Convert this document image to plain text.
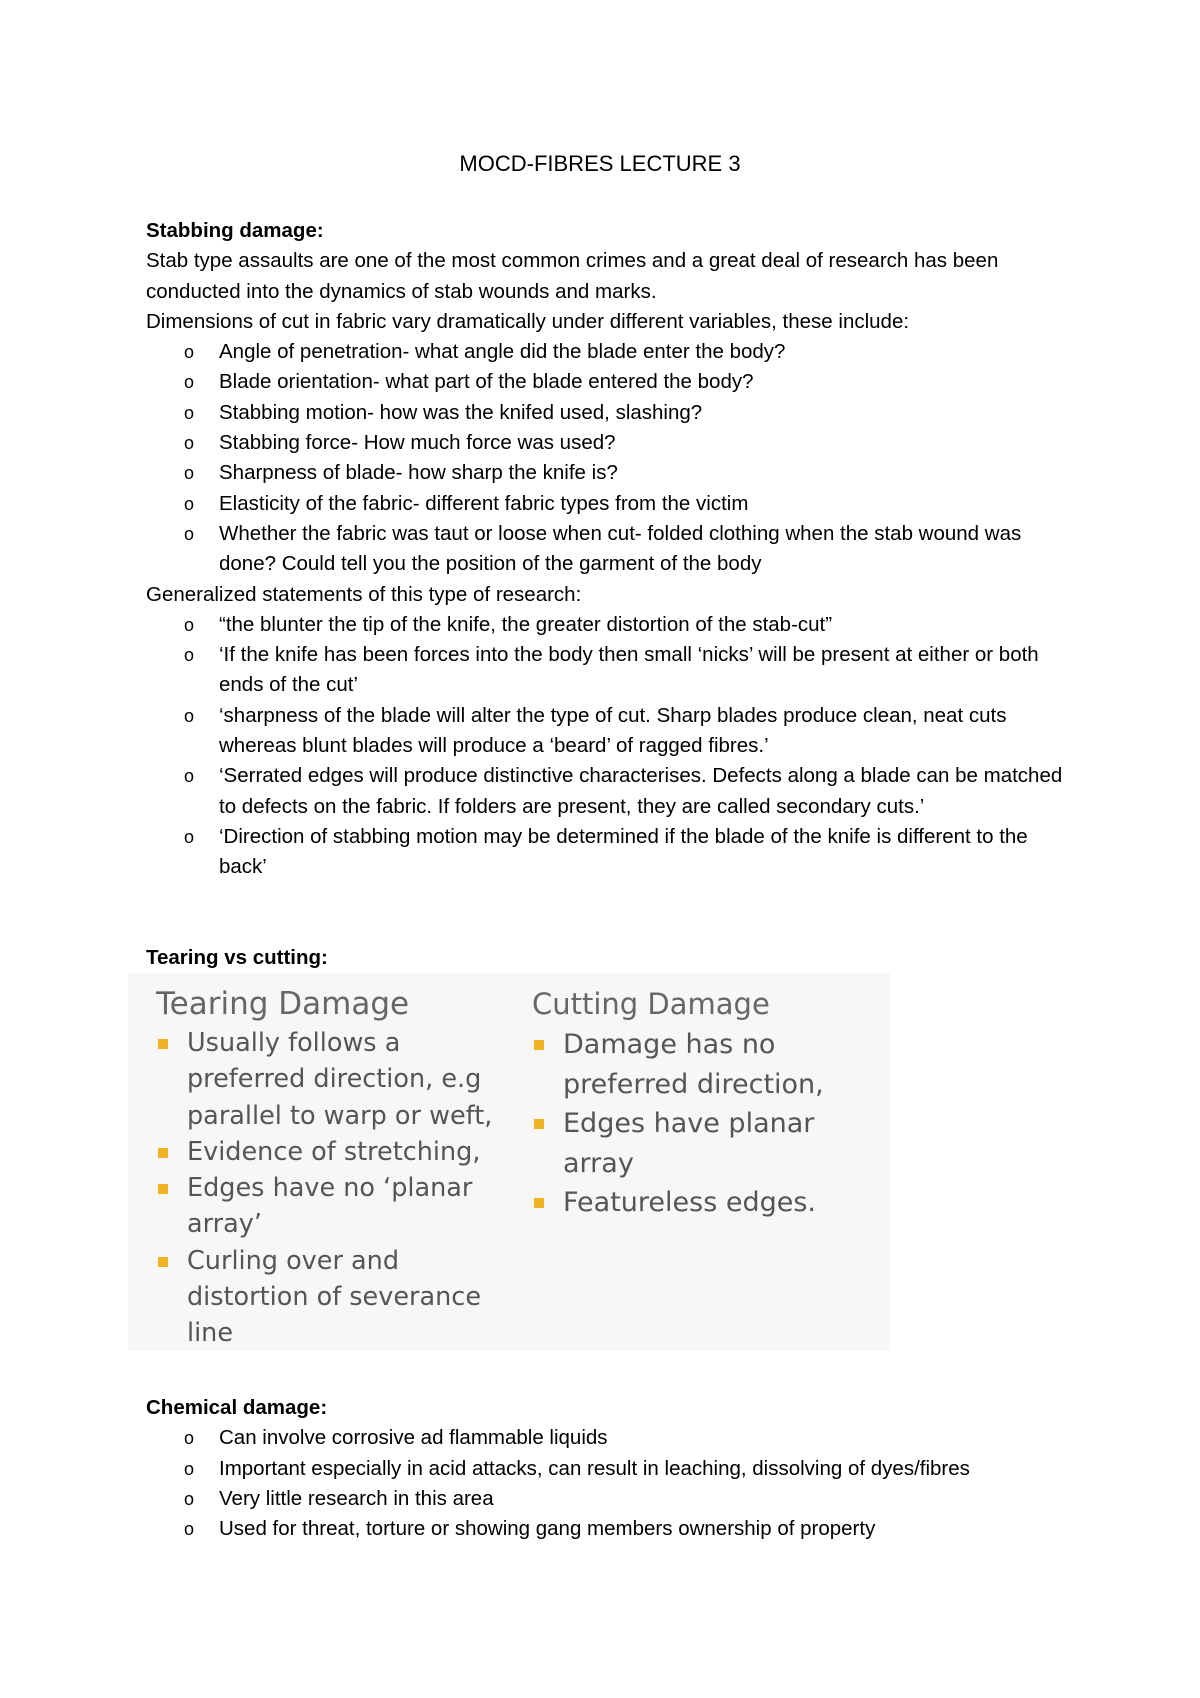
MOCD-FIBRES LECTURE 3
Stabbing damage:

Stab type assaults are one of the most common crimes and a great deal of research has been conducted into the dynamics of stab wounds and marks.

Dimensions of cut in fabric vary dramatically under different variables, these include:

o Angle of penetration- what angle did the blade enter the body?
o Blade orientation- what part of the blade entered the body?
o Stabbing motion- how was the knifed used, slashing?
o Stabbing force- How much force was used?
o Sharpness of blade- how sharp the knife is?
o Elasticity of the fabric- different fabric types from the victim
o Whether the fabric was taut or loose when cut- folded clothing when the stab wound was done? Could tell you the position of the garment of the body

Generalized statements of this type of research:

o “the blunter the tip of the knife, the greater distortion of the stab-cut”
o ‘If the knife has been forces into the body then small ‘nicks’ will be present at either or both ends of the cut’
o ‘sharpness of the blade will alter the type of cut. Sharp blades produce clean, neat cuts whereas blunt blades will produce a ‘beard’ of ragged fibres.’
o ‘Serrated edges will produce distinctive characterises. Defects along a blade can be matched to defects on the fabric. If folders are present, they are called secondary cuts.’
o ‘Direction of stabbing motion may be determined if the blade of the knife is different to the back’
Tearing vs cutting:
Tearing Damage
Usually follows a preferred direction, e.g parallel to warp or weft,
Evidence of stretching,
Edges have no ‘planar array’
Curling over and distortion of severance line
Cutting Damage
Damage has no preferred direction,
Edges have planar array
Featureless edges.
Chemical damage:
o Can involve corrosive ad flammable liquids
o Important especially in acid attacks, can result in leaching, dissolving of dyes/fibres
o Very little research in this area
o Used for threat, torture or showing gang members ownership of property
